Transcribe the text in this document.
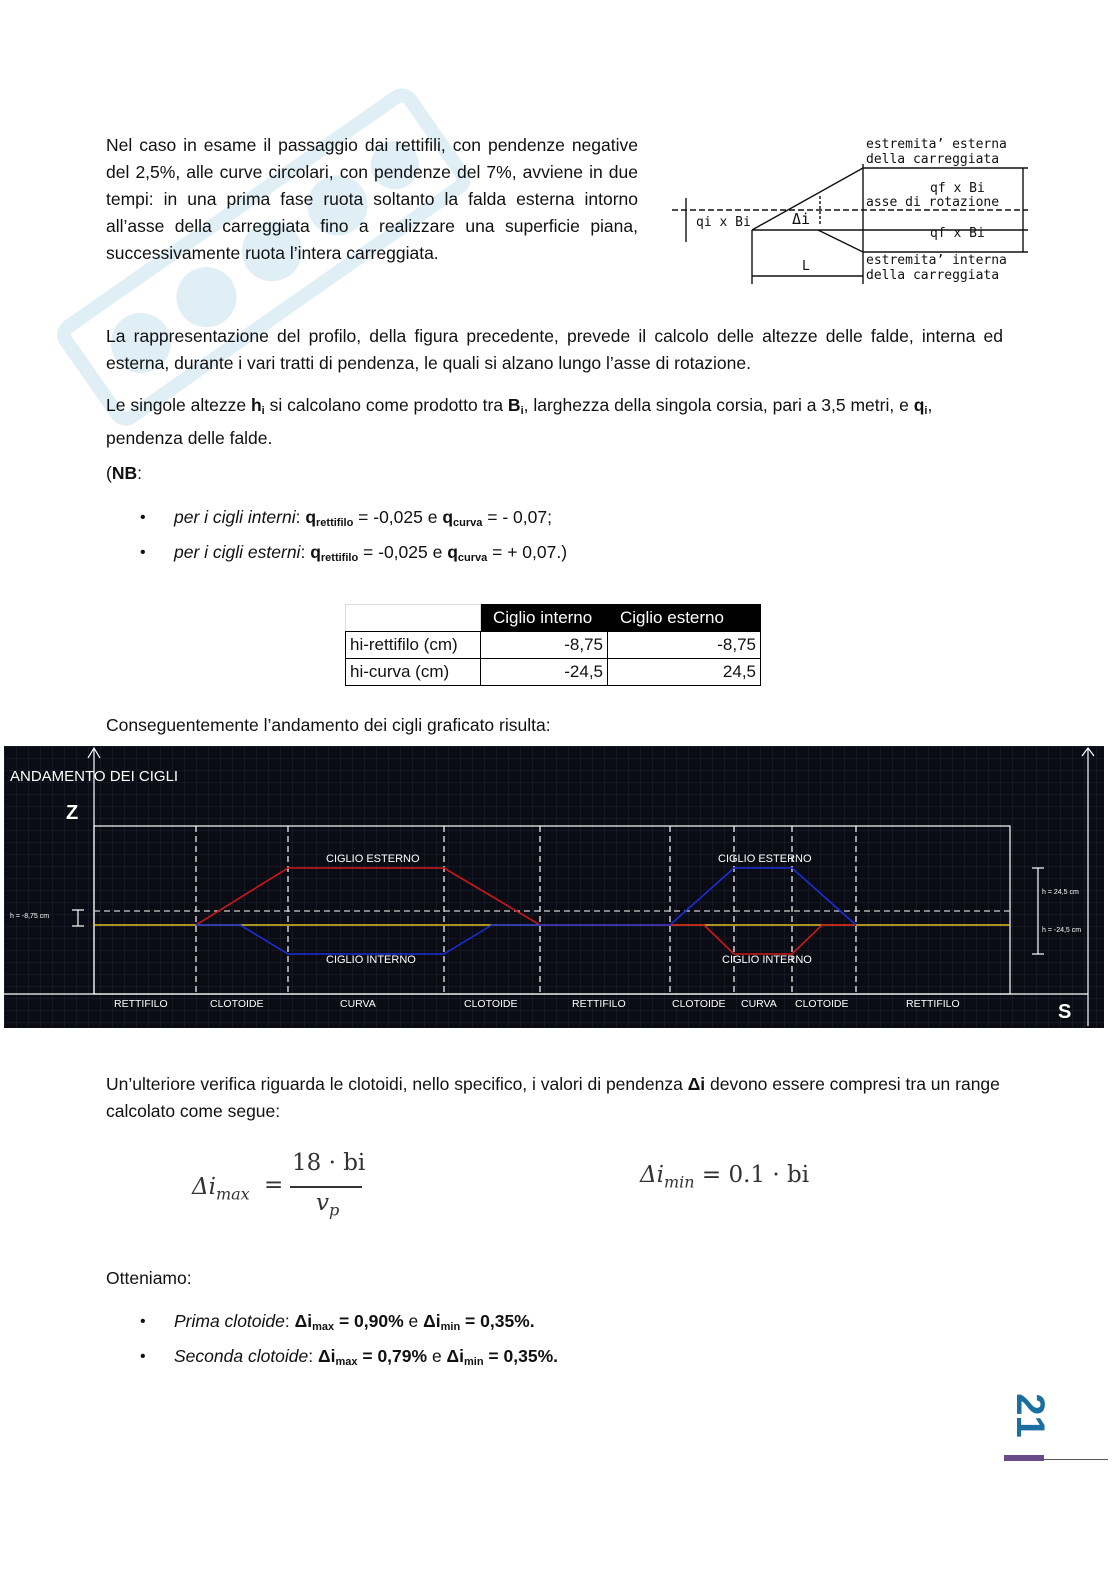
Nel caso in esame il passaggio dai rettifili, con pendenze negative del 2,5%, alle curve circolari, con pendenze del 7%, avviene in due tempi: in una prima fase ruota soltanto la falda esterna intorno all’asse della carreggiata fino a realizzare una superficie piana, successivamente ruota l’intera carreggiata.
estremita’ esterna
della carreggiata
qf x Bi
asse di rotazione
qf x Bi
qi x Bi	Δi
L	estremita’ interna
della carreggiata
La rappresentazione del profilo, della figura precedente, prevede il calcolo delle altezze delle falde, interna ed esterna, durante i vari tratti di pendenza, le quali si alzano lungo l’asse di rotazione.
Le singole altezze $h_i$ si calcolano come prodotto tra $B_i$, larghezza della singola corsia, pari a 3,5 metri, e $q_i$, pendenza delle falde.
(NB:
• per i cigli interni: $q_{rettifilo} = -0,025$ e $q_{curva}$ = - 0,07;
• per i cigli esterni: $q_{rettifilo} = -0,025$ e $q_{curva}$ = + 0,07.)
	Ciglio interno	Ciglio esterno
hi-rettifilo (cm)	-8,75	-8,75
hi-curva (cm)	-24,5	24,5
Conseguentemente l’andamento dei cigli graficato risulta:
ANDAMENTO DEI CIGLI
Z
S
h = -8,75 cm
h = 24,5 cm
h = -24,5 cm
CIGLIO ESTERNO
CIGLIO INTERNO
CIGLIO ESTERNO
CIGLIO INTERNO
RETTIFILO	CLOTOIDE	CURVA	CLOTOIDE	RETTIFILO	CLOTOIDE CURVA CLOTOIDE	RETTIFILO
Un’ulteriore verifica riguarda le clotoidi, nello specifico, i valori di pendenza Δi devono essere compresi tra un range calcolato come segue:
$\Delta i_{max}$ =
18 · bi
$v_p$
$\Delta i_{min} = 0.1$ · bi
Otteniamo:
• Prima clotoide: $\Delta i_{max} = 0,90\%$ e $\Delta i_{min} = 0,35\%$.
• Seconda clotoide: $\Delta i_{max} = 0,79\%$ e $\Delta i_{min} = 0,35\%$.
21
